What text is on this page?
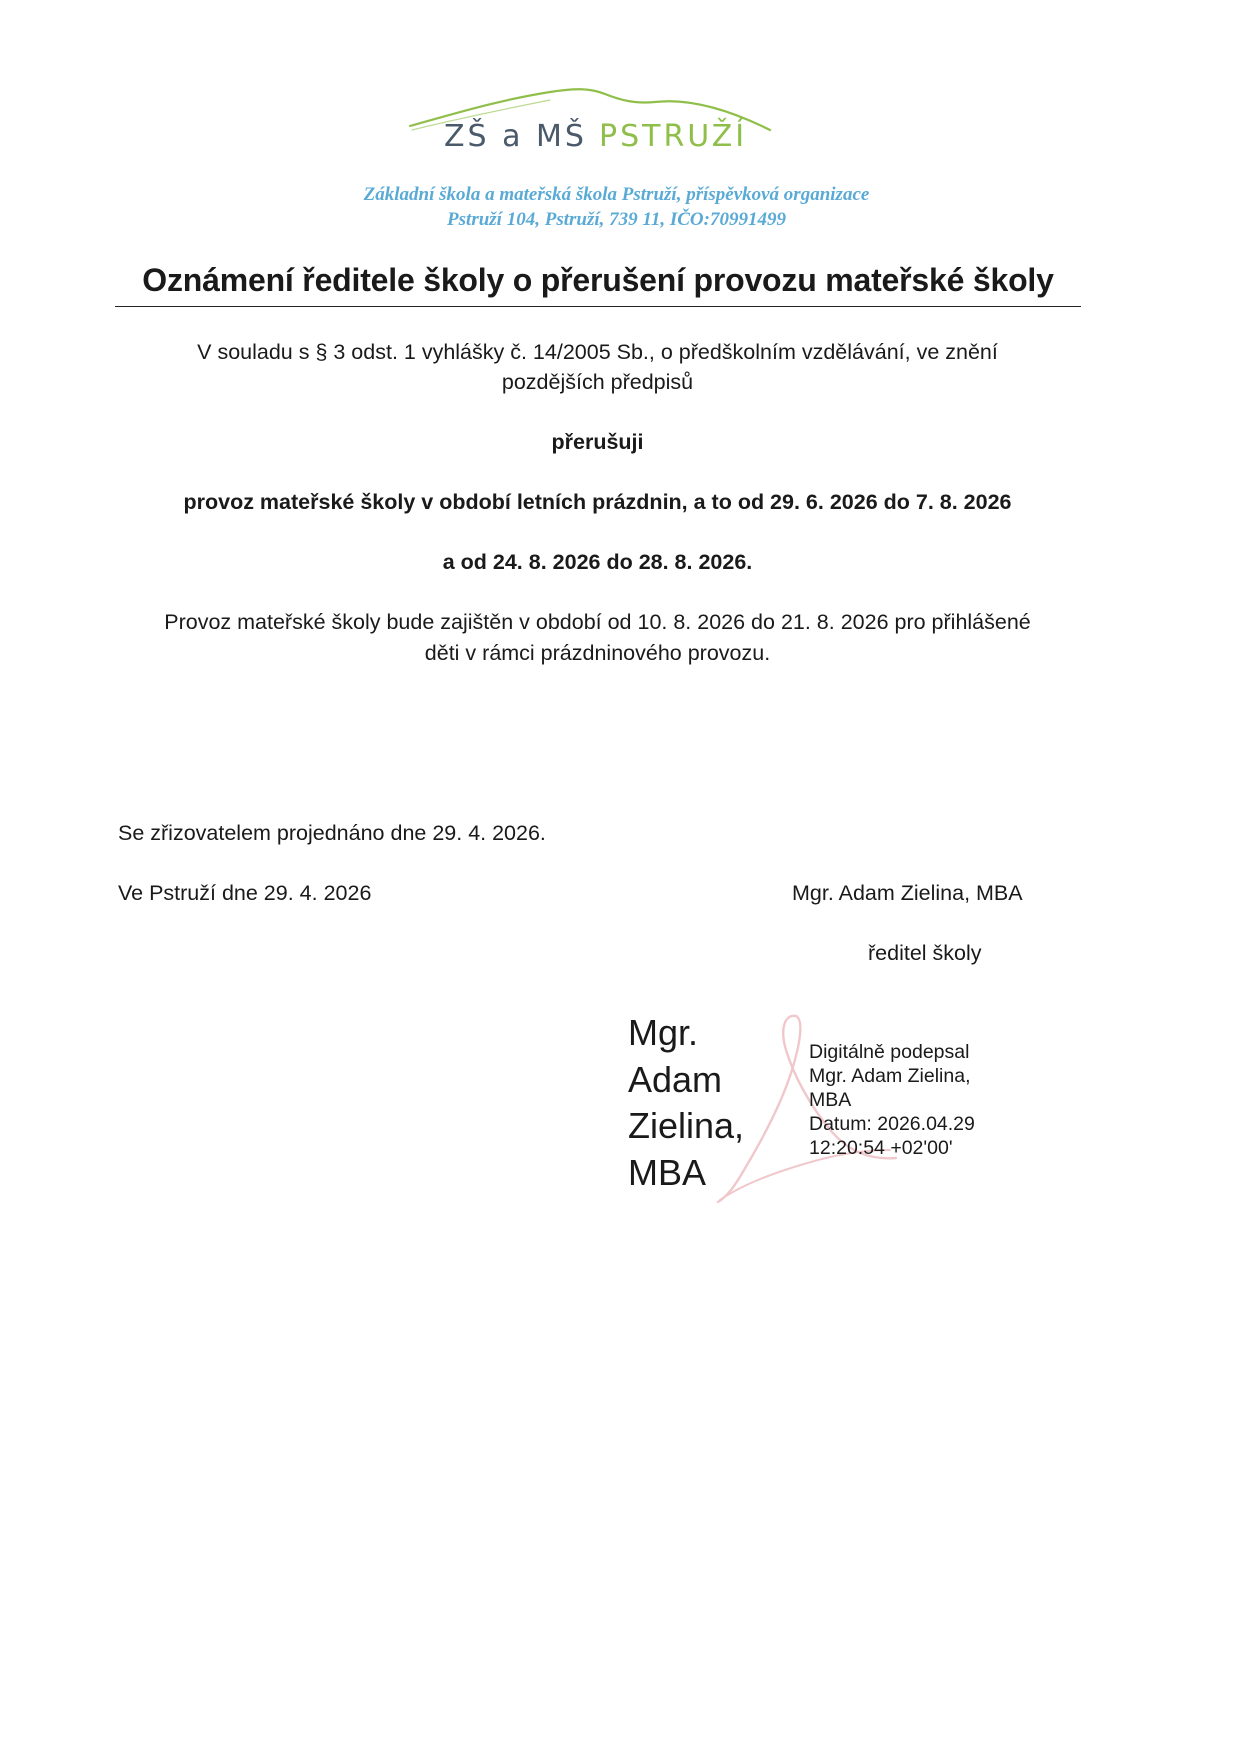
ZŠ a MŠ PSTRUŽÍ
Základní škola a mateřská škola Pstruží, příspěvková organizace
Pstruží 104, Pstruží, 739 11, IČO:70991499
Oznámení ředitele školy o přerušení provozu mateřské školy
V souladu s § 3 odst. 1 vyhlášky č. 14/2005 Sb., o předškolním vzdělávání, ve znění
pozdějších předpisů
přerušuji
provoz mateřské školy v období letních prázdnin, a to od 29. 6. 2026 do 7. 8. 2026
a od 24. 8. 2026 do 28. 8. 2026.
Provoz mateřské školy bude zajištěn v období od 10. 8. 2026 do 21. 8. 2026 pro přihlášené
děti v rámci prázdninového provozu.
Se zřizovatelem projednáno dne 29. 4. 2026.
Ve Pstruží dne 29. 4. 2026	Mgr. Adam Zielina, MBA
ředitel školy
Mgr.
Adam
Zielina,
MBA
Digitálně podepsal
Mgr. Adam Zielina,
MBA
Datum: 2026.04.29
12:20:54 +02'00'
